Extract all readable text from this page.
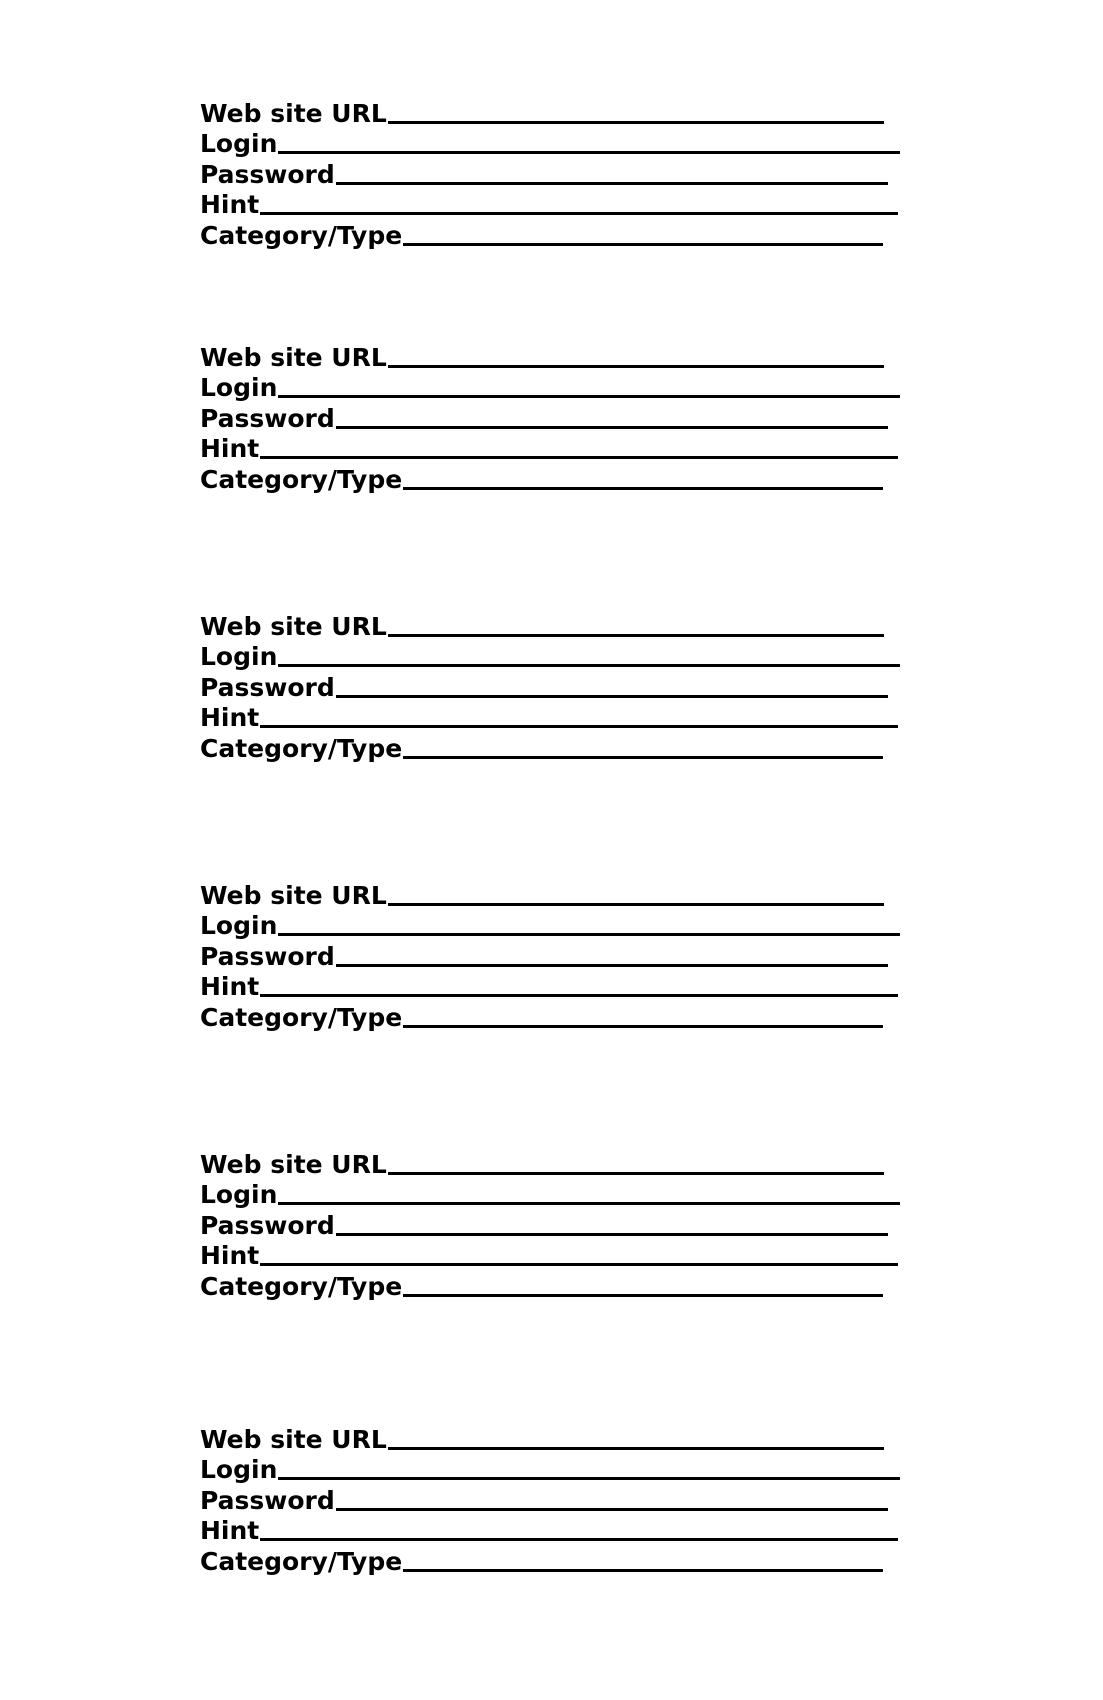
Web site URL
Login
Password
Hint
Category/Type
Web site URL
Login
Password
Hint
Category/Type
Web site URL
Login
Password
Hint
Category/Type
Web site URL
Login
Password
Hint
Category/Type
Web site URL
Login
Password
Hint
Category/Type
Web site URL
Login
Password
Hint
Category/Type
